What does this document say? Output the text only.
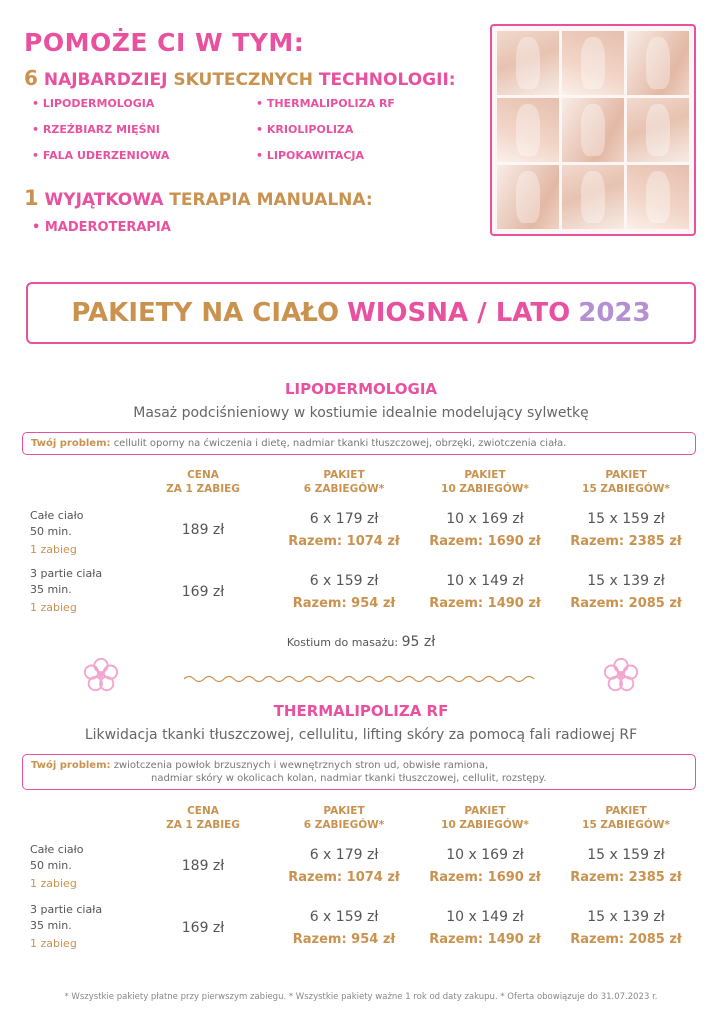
POMOŻE CI W TYM:
6 NAJBARDZIEJ SKUTECZNYCH TECHNOLOGII:
• LIPODERMOLOGIA
• RZEŹBIARZ MIĘŚNI
• FALA UDERZENIOWA
• THERMALIPOLIZA RF
• KRIOLIPOLIZA
• LIPOKAWITACJA
1 WYJĄTKOWA TERAPIA MANUALNA:
• MADEROTERAPIA
PAKIETY NA CIAŁO WIOSNA / LATO 2023
LIPODERMOLOGIA
Masaż podciśnieniowy w kostiumie idealnie modelujący sylwetkę
Twój problem: cellulit oporny na ćwiczenia i dietę, nadmiar tkanki tłuszczowej, obrzęki, zwiotczenia ciała.
CENA
ZA 1 ZABIEG
PAKIET
6 ZABIEGÓW*
PAKIET
10 ZABIEGÓW*
PAKIET
15 ZABIEGÓW*
Całe ciało
50 min.
1 zabieg
189 zł
6 x 179 zł
Razem: 1074 zł
10 x 169 zł
Razem: 1690 zł
15 x 159 zł
Razem: 2385 zł
3 partie ciała
35 min.
1 zabieg
169 zł
6 x 159 zł
Razem: 954 zł
10 x 149 zł
Razem: 1490 zł
15 x 139 zł
Razem: 2085 zł
Kostium do masażu: 95 zł
THERMALIPOLIZA RF
Likwidacja tkanki tłuszczowej, cellulitu, lifting skóry za pomocą fali radiowej RF
Twój problem: zwiotczenia powłok brzusznych i wewnętrznych stron ud, obwisłe ramiona,
nadmiar skóry w okolicach kolan, nadmiar tkanki tłuszczowej, cellulit, rozstępy.
CENA
ZA 1 ZABIEG
PAKIET
6 ZABIEGÓW*
PAKIET
10 ZABIEGÓW*
PAKIET
15 ZABIEGÓW*
Całe ciało
50 min.
1 zabieg
189 zł
6 x 179 zł
Razem: 1074 zł
10 x 169 zł
Razem: 1690 zł
15 x 159 zł
Razem: 2385 zł
3 partie ciała
35 min.
1 zabieg
169 zł
6 x 159 zł
Razem: 954 zł
10 x 149 zł
Razem: 1490 zł
15 x 139 zł
Razem: 2085 zł
* Wszystkie pakiety płatne przy pierwszym zabiegu. * Wszystkie pakiety ważne 1 rok od daty zakupu. * Oferta obowiązuje do 31.07.2023 r.
